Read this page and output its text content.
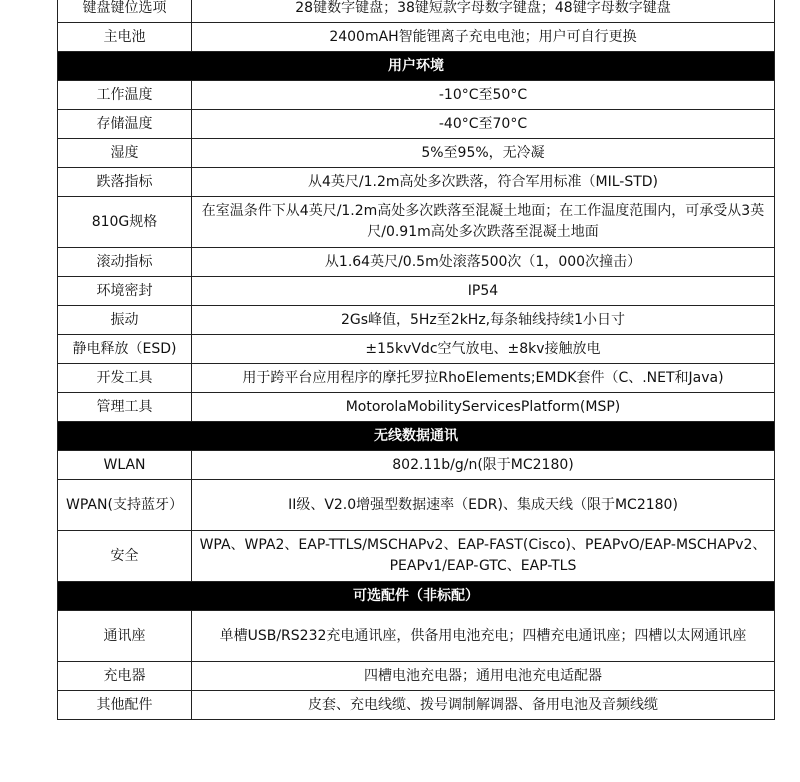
键盘键位选项	28键数字键盘；38键短款字母数字键盘；48键字母数字键盘
主电池	2400mAH智能锂离子充电电池；用户可自行更换
用户环境	
工作温度	-10°C至50°C
存储温度	-40°C至70°C
湿度	5%至95%，无冷凝
跌落指标	从4英尺/1.2m高处多次跌落，符合军用标准（MIL-STD)
810G规格	在室温条件下从4英尺/1.2m高处多次跌落至混凝土地面；在工作温度范围内，可承受从3英尺/0.91m高处多次跌落至混凝土地面
滚动指标	从1.64英尺/0.5m处滚落500次（1，000次撞击）
环境密封	IP54
振动	2Gs峰值，5Hz至2kHz,每条轴线持续1小日寸
静电释放（ESD)	±15kvVdc空气放电、±8kv接触放电
开发工具	用于跨平台应用程序的摩托罗拉RhoElements;EMDK套件（C、.NET和Java)
管理工具	MotorolaMobilityServicesPlatform(MSP)
无线数据通讯	
WLAN	802.11b/g/n(限于MC2180)
WPAN(支持蓝牙）	II级、V2.0增强型数据速率（EDR)、集成天线（限于MC2180)
安全	WPA、WPA2、EAP-TTLS/MSCHAPv2、EAP-FAST(Cisco)、PEAPvO/EAP-MSCHAPv2、PEAPv1/EAP-GTC、EAP-TLS
可选配件（非标配）	
通讯座	单槽USB/RS232充电通讯座，供备用电池充电；四槽充电通讯座；四槽以太网通讯座
充电器	四槽电池充电器；通用电池充电适配器
其他配件	皮套、充电线缆、拨号调制解调器、备用电池及音频线缆
